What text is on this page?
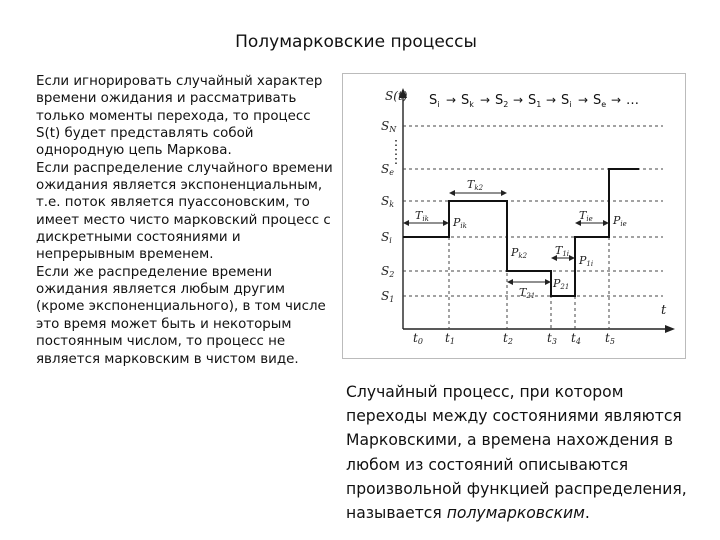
Полумарковские процессы
Если игнорировать случайный характер времени ожидания и рассматривать только моменты перехода, то процесс S(t) будет представлять собой однородную цепь Маркова.
Если распределение случайного времени ожидания является экспоненциальным, т.е. поток является пуассоновским, то имеет место чисто марковский процесс с дискретными состояниями и непрерывным временем.
Если же распределение времени ожидания является любым другим (кроме экспоненциального), в том числе это время может быть и некоторым постоянным числом, то процесс не является марковским в чистом виде.
S(t)
t
$S_i \to S_k \to S_2 \to S_1 \to S_i \to S_e$ → …
SN
Se
Sk
Si
S2
S1
Tik Pik
Tk2
Pk2
T21
P21
T1i P1i
Tie Pie
t0 t1	t2	t3 t4 t5
Случайный процесс, при котором переходы между состояниями являются Марковскими, а времена нахождения в любом из состояний описываются произвольной функцией распределения, называется полумарковским.
